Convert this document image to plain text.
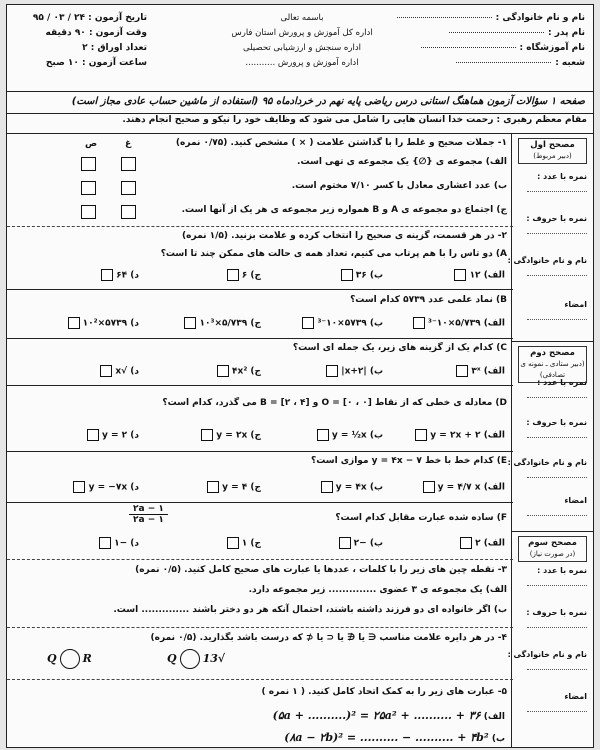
نام و نام خانوادگی :
نام پدر :
نام آموزشگاه :
شعبه :
باسمه تعالی
اداره کل آموزش و پرورش استان فارس
اداره سنجش و ارزشیابی تحصیلی
اداره آموزش و پرورش ...........
تاریخ آزمون : ۲۴ / ۰۳ / ۹۵
وقت آزمون : ۹۰ دقیقه
تعداد اوراق : ۲
ساعت آزمون : ۱۰ صبح
صفحه ۱ سؤالات آزمون هماهنگ استانی درس ریاضی پایه نهم در خردادماه ۹۵ (استفاده از ماشین حساب عادی مجاز است)
مقام معظم رهبری : رحمت خدا انسان هایی را شامل می شود که وظایف خود را نیکو و صحیح انجام دهند.
مصحح اول
(دبیر مربوط)
نمره با عدد :
نمره با حروف :
نام و نام خانوادگی :
امضاء
مصحح دوم
(دبیر ستادی ـ نمونه ی تصادفی)
نمره با عدد :
نمره با حروف :
نام و نام خانوادگی :
امضاء
مصحح سوم
(در صورت نیاز)
نمره با عدد :
نمره با حروف :
نام و نام خانوادگی :
امضاء
۱- جملات صحیح و غلط را با گذاشتن علامت ( × ) مشخص کنید. (۰/۷۵ نمره)
ص	غ
الف) مجموعه ی {∅} یک مجموعه ی تهی است.
ب) عدد اعشاری معادل با کسر ۷/۱۰ مختوم است.
ج) اجتماع دو مجموعه ی A و B همواره زیر مجموعه ی هر یک از آنها است.
۲- در هر قسمت، گزینه ی صحیح را انتخاب کرده و علامت بزنید. (۱/۵ نمره)
A) دو تاس را با هم پرتاب می کنیم، تعداد همه ی حالت های ممکن چند تا است؟
الف) ۱۲
ب) ۳۶
ج) ۶
د) ۶۴
B) نماد علمی عدد ۵۷۳۹ کدام است؟
الف) ۵/۷۳۹×۱۰⁻³
ب) ۵۷۳۹×۱۰⁻³
ج) ۵/۷۳۹×۱۰³
د) ۵۷۳۹×۱۰²
C) کدام یک از گزینه های زیر، یک جمله ای است؟
الف) ۳ˣ
ب) |x+۲|
ج) ۴x²
د) √x
D) معادله ی خطی که از نقاط O = [۰ ، ۰] و B = [۲ ، ۴] می گذرد، کدام است؟
الف) y = ۲x + ۲
ب) y = ½x
ج) y = ۲x
د) y = ۲
E) کدام خط با خط y = ۴x − ۷ موازی است؟
الف) y = ۴/۷ x
ب) y = ۴x
ج) y = ۴
د) y = −۷x
F) ساده شده عبارت مقابل کدام است؟
$\frac{۲a - ۱}{۱ - ۲a}$
الف) ۲
ب) −۲
ج) ۱
د) −۱
۳- نقطه چین های زیر را با کلمات ، عددها یا عبارت های صحیح کامل کنید. (۰/۵ نمره)
الف) یک مجموعه ی ۳ عضوی .............. زیر مجموعه دارد.
ب) اگر خانواده ای دو فرزند داشته باشند، احتمال آنکه هر دو دختر باشند .............. است.
۴- در هر دایره علامت مناسب ∈ یا ∉ یا ⊂ یا ⊄ که درست باشد بگذارید. (۰/۵ نمره)
Q R	√13Q
۵- عبارت های زیر را به کمک اتحاد کامل کنید. ( ۱ نمره )
الف) (۵a + ..........)² = ۲۵a² + .......... + ۳۶
ب) (۸a − ۲b)² = .......... − .......... + ۴b²
